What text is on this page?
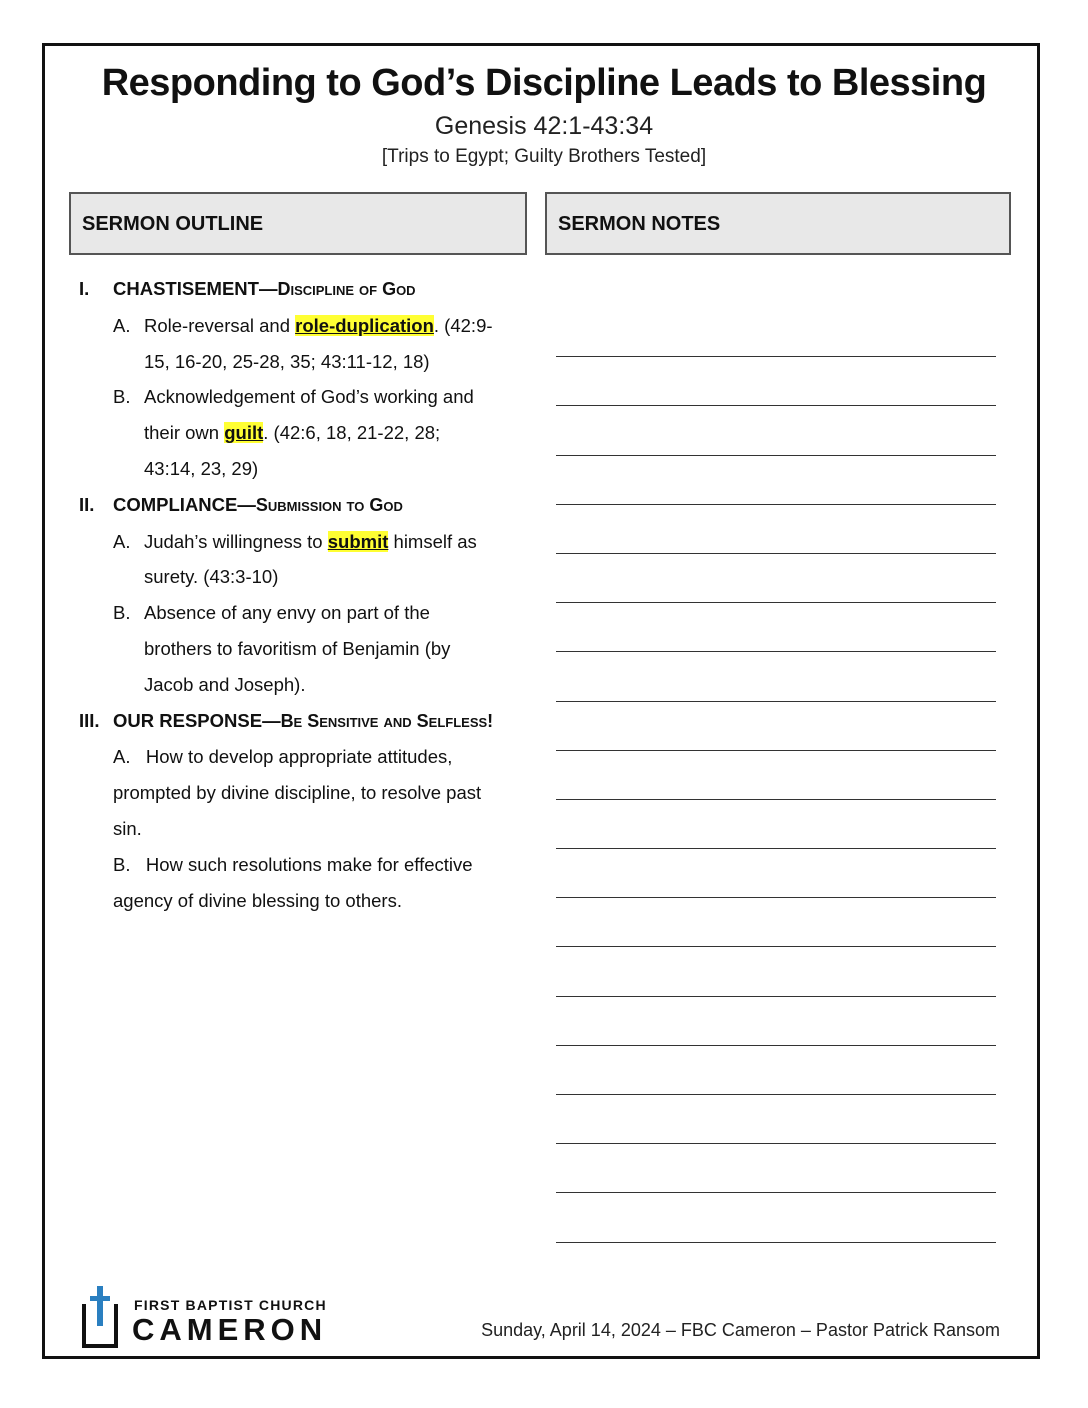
Responding to God’s Discipline Leads to Blessing
Genesis 42:1-43:34
[Trips to Egypt; Guilty Brothers Tested]
SERMON OUTLINE	SERMON NOTES
I. CHASTISEMENT—Discipline of God
A. Role-reversal and role-duplication. (42:9-
15, 16-20, 25-28, 35; 43:11-12, 18)
B. Acknowledgement of God’s working and
their own guilt. (42:6, 18, 21-22, 28;
43:14, 23, 29)
II. COMPLIANCE—Submission to God
A. Judah’s willingness to submit himself as
surety. (43:3-10)
B. Absence of any envy on part of the
brothers to favoritism of Benjamin (by
Jacob and Joseph).
III. OUR RESPONSE—Be Sensitive and Selfless!
A.   How to develop appropriate attitudes,
prompted by divine discipline, to resolve past
sin.
B.   How such resolutions make for effective
agency of divine blessing to others.
FIRST BAPTIST CHURCH
CAMERON	Sunday, April 14, 2024 – FBC Cameron – Pastor Patrick Ransom
